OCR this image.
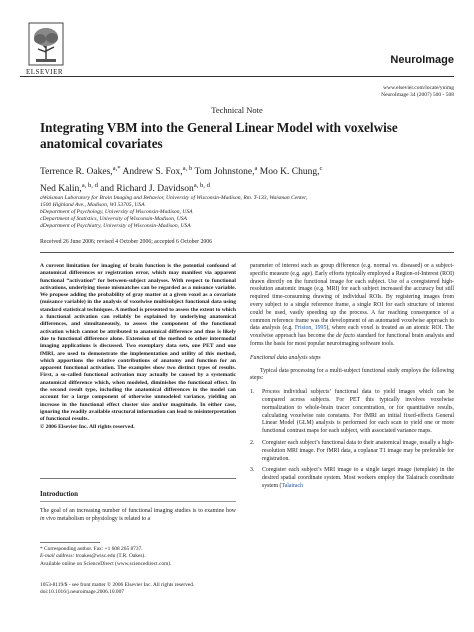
ELSEVIER
NeuroImage
www.elsevier.com/locate/ynimg
NeuroImage 34 (2007) 500 - 508
Technical Note
Integrating VBM into the General Linear Model with voxelwise anatomical covariates
Terrence R. Oakes,$^{a,*}$ Andrew S. Fox,$^{a, b}$ Tom Johnstone,$^a$ Moo K. Chung,$^c$
Ned Kalin,$^{a, b, d}$ and Richard J. Davidson$^{a, b, d}$
aWaisman Laboratory for Brain Imaging and Behavior, University of Wisconsin-Madison, Rm. T-133, Waisman Center,
1500 Highland Ave., Madison, WI 53705, USA
bDepartment of Psychology, University of Wisconsin-Madison, USA
cDepartment of Statistics, University of Wisconsin-Madison, USA
dDepartment of Psychiatry, University of Wisconsin-Madison, USA
Received 26 June 2006; revised 4 October 2006; accepted 6 October 2006
A current limitation for imaging of brain function is the potential confound of anatomical differences or registration error, which may manifest via apparent functional “activation” for between-subject analyses. With respect to functional activations, underlying tissue mismatches can be regarded as a nuisance variable. We propose adding the probability of gray matter at a given voxel as a covariate (nuisance variable) in the analysis of voxelwise multisubject functional data using standard statistical techniques. A method is presented to assess the extent to which a functional activation can reliably be explained by underlying anatomical differences, and simultaneously, to assess the component of the functional activation which cannot be attributed to anatomical difference and thus is likely due to functional difference alone. Extension of the method to other intermodal imaging applications is discussed. Two exemplary data sets, one PET and one fMRI, are used to demonstrate the implementation and utility of this method, which apportions the relative contributions of anatomy and function for an apparent functional activation. The examples show two distinct types of results. First, a so-called functional activation may actually be caused by a systematic anatomical difference which, when modeled, diminishes the functional effect. In the second result type, including the anatomical differences in the model can account for a large component of otherwise unmodeled variance, yielding an increase in the functional effect cluster size and/or magnitude. In either case, ignoring the readily available structural information can lead to misinterpretation of functional results.
© 2006 Elsevier Inc. All rights reserved.
Introduction

The goal of an increasing number of functional imaging studies is to examine how in vivo metabolism or physiology is related to a

* Corresponding author. Fax: +1 608 265 8737.
E-mail address: troakes@wisc.edu (T.R. Oakes).
Available online on ScienceDirect (www.sciencedirect.com).
1053-8119/$ - see front matter © 2006 Elsevier Inc. All rights reserved.
doi:10.1016/j.neuroimage.2006.10.007

parameter of interest such as group difference (e.g. normal vs. diseased) or a subject-specific measure (e.g. age). Early efforts typically employed a Region-of-Interest (ROI) drawn directly on the functional image for each subject. Use of a coregistered high-resolution anatomic image (e.g. MRI) for each subject increased the accuracy but still required time-consuming drawing of individual ROIs. By registering images from every subject to a single reference frame, a single ROI for each structure of interest could be used, vastly speeding up the process. A far reaching consequence of a common reference frame was the development of an automated voxelwise approach to data analysis (e.g. Friston, 1995), where each voxel is treated as an atomic ROI. The voxelwise approach has become the de facto standard for functional brain analysis and forms the basis for most popular neuroimaging software tools.

Functional data analysis steps

Typical data processing for a multi-subject functional study employs the following steps:

1. Process individual subjects’ functional data to yield images which can be compared across subjects. For PET this typically involves voxelwise normalization to whole-brain tracer concentration, or for quantitative results, calculating voxelwise rate constants. For fMRI an initial fixed-effects General Linear Model (GLM) analysis is performed for each scan to yield one or more functional contrast maps for each subject, with associated variance maps.
2. Coregister each subject’s functional data to their anatomical image, usually a high-resolution MRI image. For fMRI data, a coplanar T1 image may be preferable for registration.
3. Coregister each subject’s MRI image to a single target image (template) in the desired spatial coordinate system. Most workers employ the Talairach coordinate system (Talairach
